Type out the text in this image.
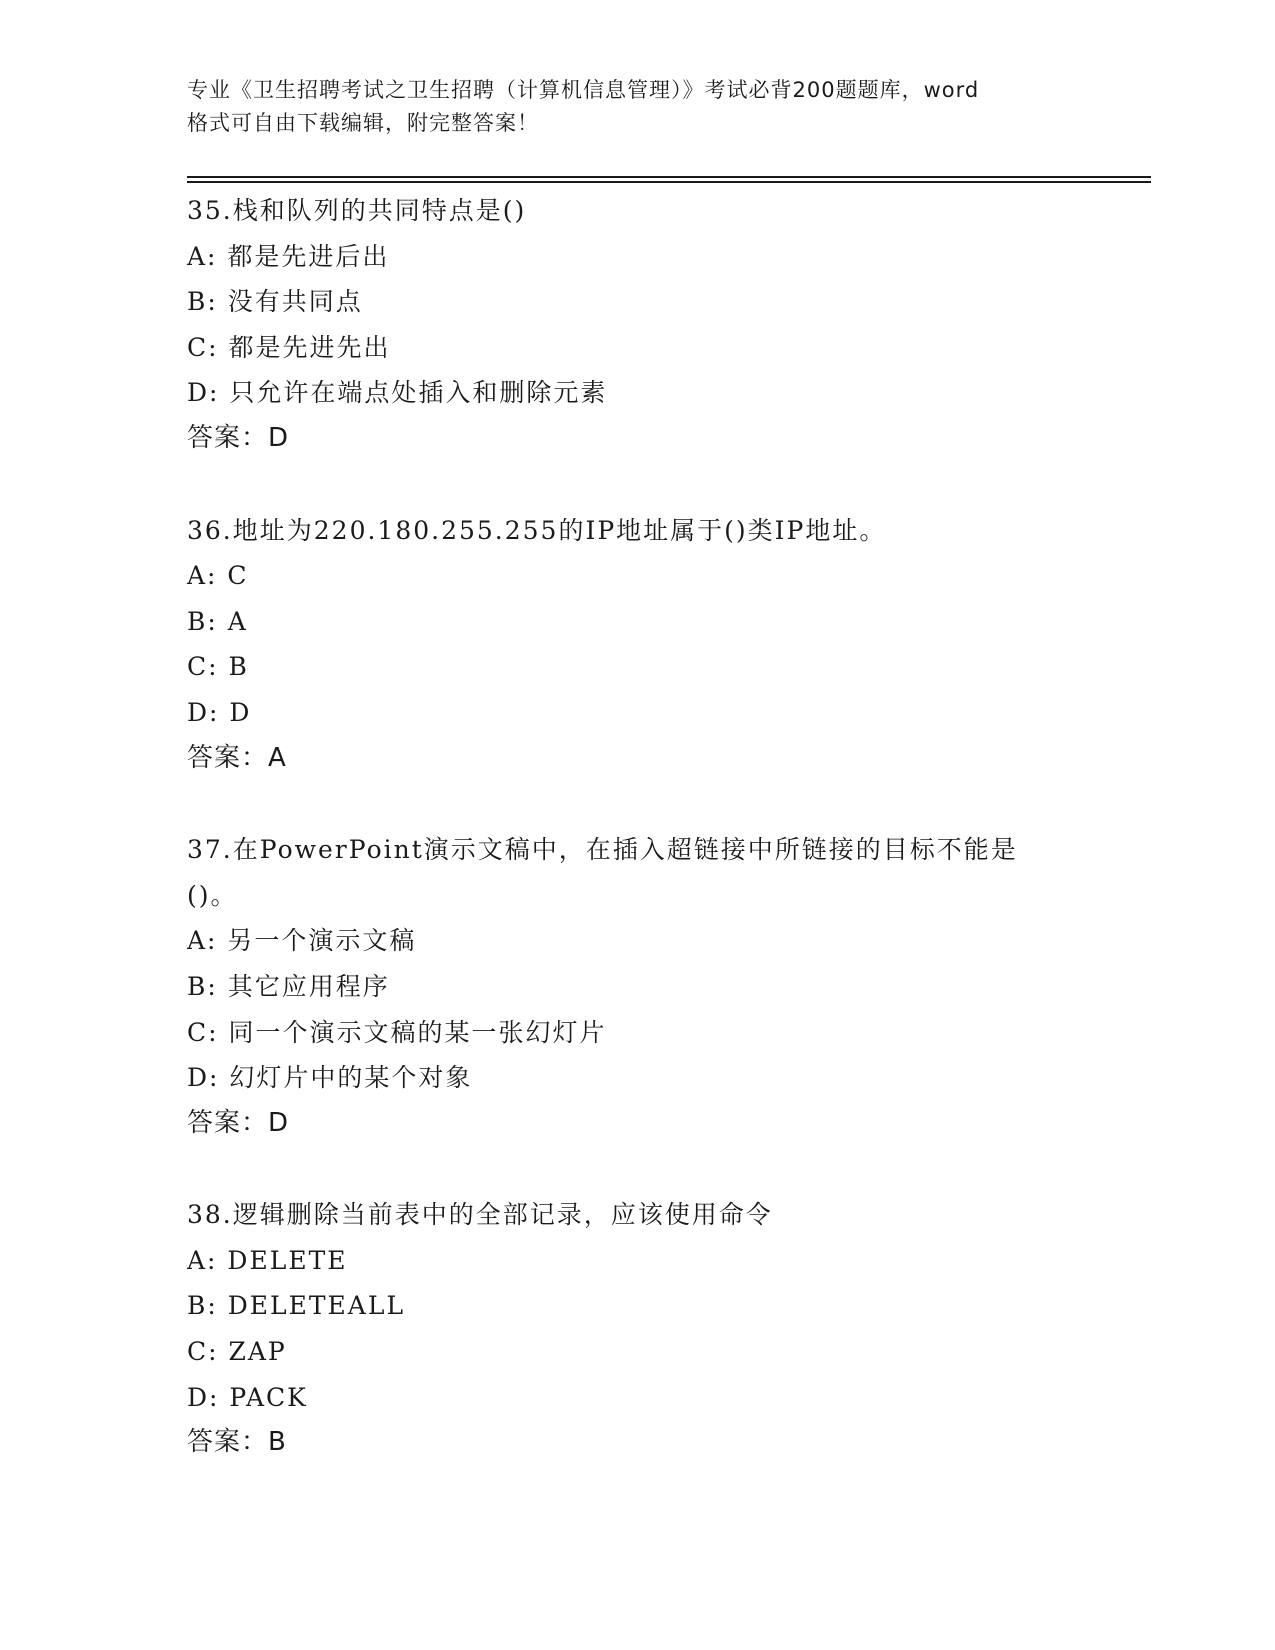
专业《卫生招聘考试之卫生招聘（计算机信息管理）》考试必背200题题库，word
格式可自由下载编辑，附完整答案！
35.栈和队列的共同特点是()
A: 都是先进后出
B: 没有共同点
C: 都是先进先出
D: 只允许在端点处插入和删除元素
答案：D
36.地址为220.180.255.255的IP地址属于()类IP地址。
A: C
B: A
C: B
D: D
答案：A
37.在PowerPoint演示文稿中，在插入超链接中所链接的目标不能是
()。
A: 另一个演示文稿
B: 其它应用程序
C: 同一个演示文稿的某一张幻灯片
D: 幻灯片中的某个对象
答案：D
38.逻辑删除当前表中的全部记录，应该使用命令
A: DELETE
B: DELETEALL
C: ZAP
D: PACK
答案：B
